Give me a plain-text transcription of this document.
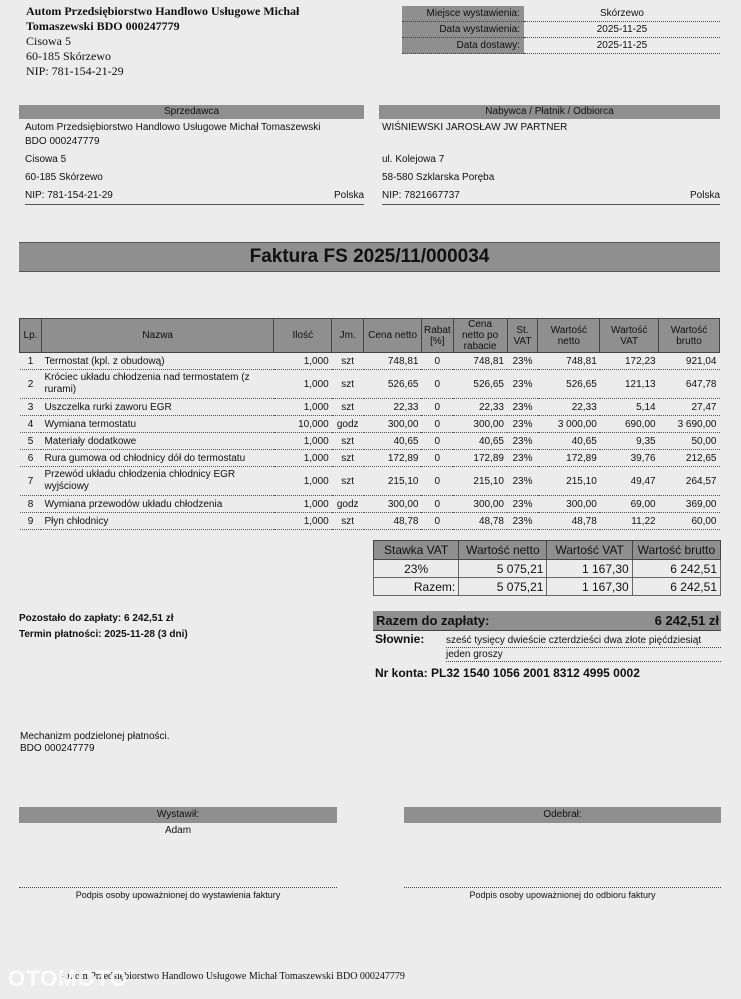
Autom Przedsiębiorstwo Handlowo Usługowe Michał
Tomaszewski BDO 000247779
Cisowa 5
60-185 Skórzewo
NIP: 781-154-21-29
Miejsce wystawienia:	Skórzewo
Data wystawienia:	2025-11-25
Data dostawy:	2025-11-25
Sprzedawca
Autom Przedsiębiorstwo Handlowo Usługowe Michał Tomaszewski
BDO 000247779
Cisowa 5
60-185 Skórzewo
NIP: 781-154-21-29	Polska
Nabywca / Płatnik / Odbiorca
WIŚNIEWSKI JAROSŁAW JW PARTNER
ul. Kolejowa 7
58-580 Szklarska Poręba
NIP: 7821667737	Polska
Faktura FS 2025/11/000034
Lp.	Nazwa	Ilość	Jm.	Cena netto	Rabat [%]	Cena netto po rabacie	St. VAT	Wartość netto	Wartość VAT	Wartość brutto
1	Termostat (kpl. z obudową)	1,000	szt	748,81	0	748,81	23%	748,81	172,23	921,04
2	Króciec układu chłodzenia nad termostatem (z rurami)	1,000	szt	526,65	0	526,65	23%	526,65	121,13	647,78
3	Uszczelka rurki zaworu EGR	1,000	szt	22,33	0	22,33	23%	22,33	5,14	27,47
4	Wymiana termostatu	10,000	godz	300,00	0	300,00	23%	3 000,00	690,00	3 690,00
5	Materiały dodatkowe	1,000	szt	40,65	0	40,65	23%	40,65	9,35	50,00
6	Rura gumowa od chłodnicy dół do termostatu	1,000	szt	172,89	0	172,89	23%	172,89	39,76	212,65
7	Przewód układu chłodzenia chłodnicy EGR wyjściowy	1,000	szt	215,10	0	215,10	23%	215,10	49,47	264,57
8	Wymiana przewodów układu chłodzenia	1,000	godz	300,00	0	300,00	23%	300,00	69,00	369,00
9	Płyn chłodnicy	1,000	szt	48,78	0	48,78	23%	48,78	11,22	60,00
Stawka VAT	Wartość netto	Wartość VAT	Wartość brutto
23%	5 075,21	1 167,30	6 242,51
Razem:	5 075,21	1 167,30	6 242,51
Pozostało do zapłaty: 6 242,51 zł
Termin płatności: 2025-11-28 (3 dni)
Razem do zapłaty:	6 242,51 zł
Słownie: sześć tysięcy dwieście czterdzieści dwa złote pięćdziesiąt
jeden groszy
Nr konta: PL32 1540 1056 2001 8312 4995 0002
Mechanizm podzielonej płatności.
BDO 000247779
Wystawił:
Adam
Odebrał:
Podpis osoby upoważnionej do wystawienia faktury	Podpis osoby upoważnionej do odbioru faktury
Autom Przedsiębiorstwo Handlowo Usługowe Michał Tomaszewski BDO 000247779
OTOMOTO
